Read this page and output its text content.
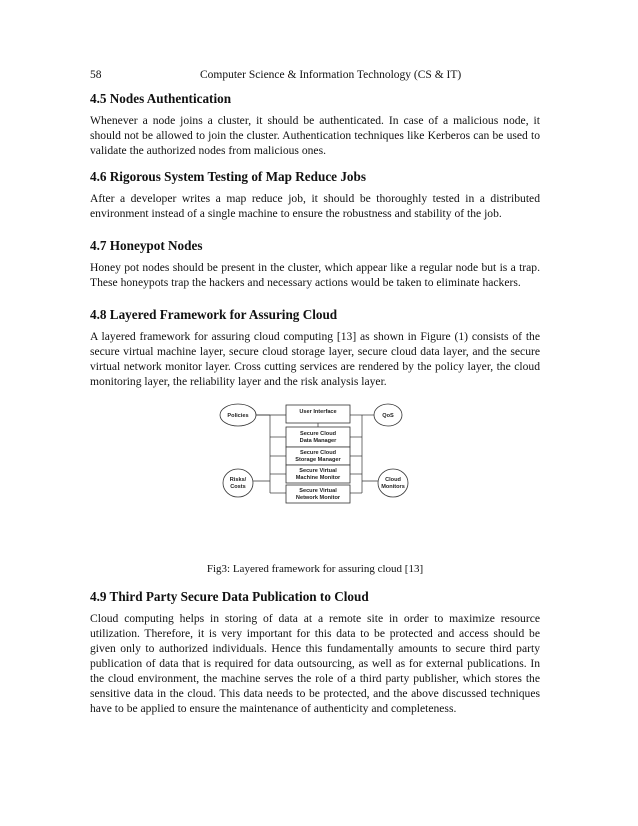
58	Computer Science & Information Technology (CS & IT)
4.5 Nodes Authentication

Whenever a node joins a cluster, it should be authenticated. In case of a malicious node, it should not be allowed to join the cluster. Authentication techniques like Kerberos can be used to validate the authorized nodes from malicious ones.

4.6 Rigorous System Testing of Map Reduce Jobs

After a developer writes a map reduce job, it should be thoroughly tested in a distributed environment instead of a single machine to ensure the robustness and stability of the job.

4.7 Honeypot Nodes

Honey pot nodes should be present in the cluster, which appear like a regular node but is a trap. These honeypots trap the hackers and necessary actions would be taken to eliminate hackers.

4.8 Layered Framework for Assuring Cloud

A layered framework for assuring cloud computing [13] as shown in Figure (1) consists of the secure virtual machine layer, secure cloud storage layer, secure cloud data layer, and the secure virtual network monitor layer. Cross cutting services are rendered by the policy layer, the cloud monitoring layer, the reliability layer and the risk analysis layer.

Policies	QoS
Risks/
Costs
Cloud
Monitors
User Interface
Secure Cloud
Data Manager
Secure Cloud
Storage Manager
Secure Virtual
Machine Monitor
Secure Virtual
Network Monitor

Fig3: Layered framework for assuring cloud [13]

4.9 Third Party Secure Data Publication to Cloud

Cloud computing helps in storing of data at a remote site in order to maximize resource utilization. Therefore, it is very important for this data to be protected and access should be given only to authorized individuals. Hence this fundamentally amounts to secure third party publication of data that is required for data outsourcing, as well as for external publications. In the cloud environment, the machine serves the role of a third party publisher, which stores the sensitive data in the cloud. This data needs to be protected, and the above discussed techniques have to be applied to ensure the maintenance of authenticity and completeness.
